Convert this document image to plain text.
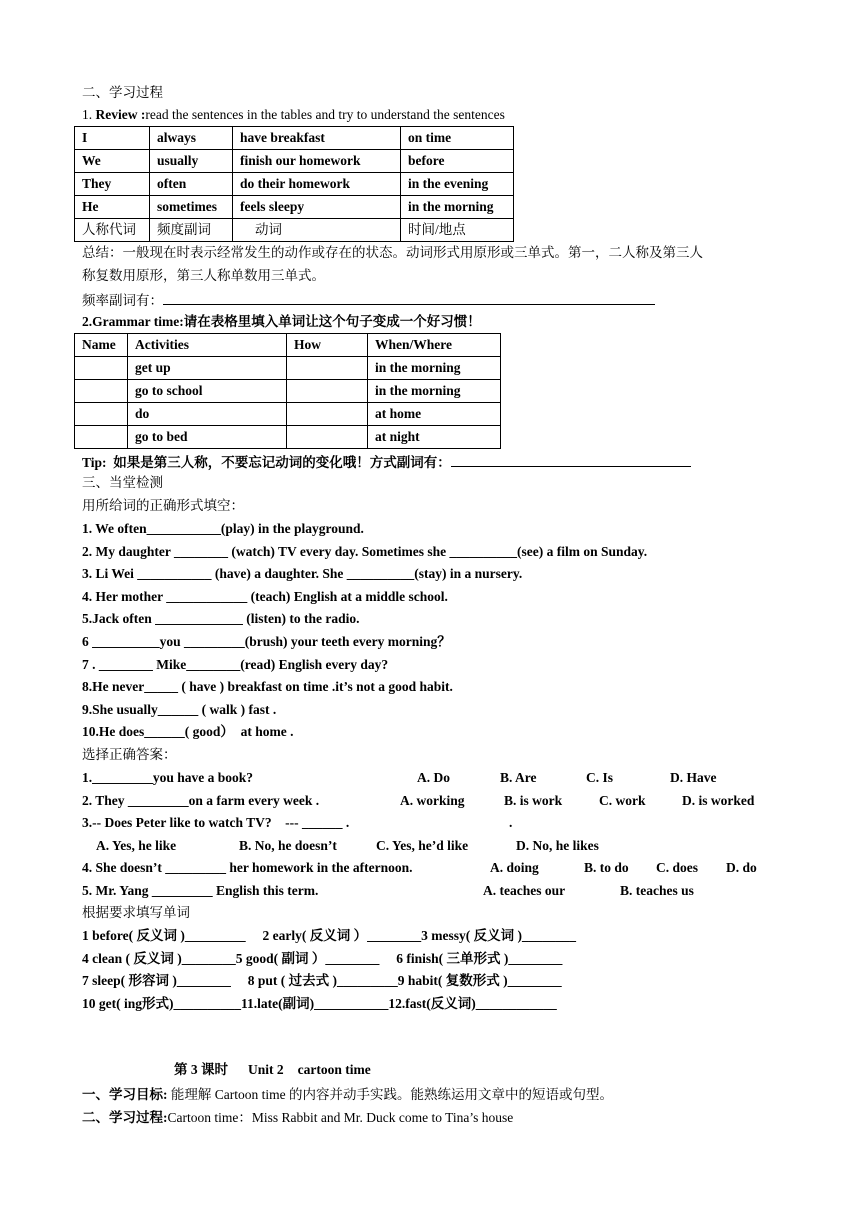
二、学习过程
1. Review :read the sentences in the tables and try to understand the sentences
I	always	have breakfast	on time
We	usually	finish our homework	before
They	often	do their homework	in the evening
He	sometimes	feels sleepy	in the morning
人称代词	频度副词	动词	时间/地点
总结：一般现在时表示经常发生的动作或存在的状态。动词形式用原形或三单式。第一，二人称及第三人
称复数用原形，第三人称单数用三单式。
频率副词有：
2.Grammar time:请在表格里填入单词让这个句子变成一个好习惯！
Name	Activities	How	When/Where
	get up		in the morning
	go to school		in the morning
	do		at home
	go to bed		at night
Tip:  如果是第三人称，不要忘记动词的变化哦！方式副词有：
三、当堂检测
用所给词的正确形式填空：
1. We often___________(play) in the playground.
2. My daughter ________ (watch) TV every day. Sometimes she __________(see) a film on Sunday.
3. Li Wei ___________ (have) a daughter. She __________(stay) in a nursery.
4. Her mother ____________ (teach) English at a middle school.
5.Jack often _____________ (listen) to the radio.
6 __________you _________(brush) your teeth every morning？
7 . ________ Mike________(read) English every day?
8.He never_____ ( have ) breakfast on time .it’s not a good habit.
9.She usually______ ( walk ) fast .
10.He does______( good）  at home .
选择正确答案：
1._________you have a book?	A. Do	B. Are	C. Is	D. Have
2. They _________on a farm every week .	A. working	B. is work	C. work	D. is worked
3.-- Does Peter like to watch TV?    --- ______ .	.
A. Yes, he like	B. No, he doesn’t	C. Yes, he’d like	D. No, he likes
4. She doesn’t _________ her homework in the afternoon.	A. doing	B. to do C. does D. do
5. Mr. Yang _________ English this term.	A. teaches our	B. teaches us
根据要求填写单词
1 before( 反义词 )_________     2 early( 反义词 ）________3 messy( 反义词 )________
4 clean ( 反义词 )________5 good( 副词 ）________     6 finish( 三单形式 )________
7 sleep( 形容词 )________     8 put ( 过去式 )_________9 habit( 复数形式 )________
10 get( ing形式)__________11.late(副词)___________12.fast(反义词)____________
第 3 课时 Unit 2 cartoon time
一、学习目标: 能理解 Cartoon time 的内容并动手实践。能熟练运用文章中的短语或句型。
二、学习过程:Cartoon time：Miss Rabbit and Mr. Duck come to Tina’s house
